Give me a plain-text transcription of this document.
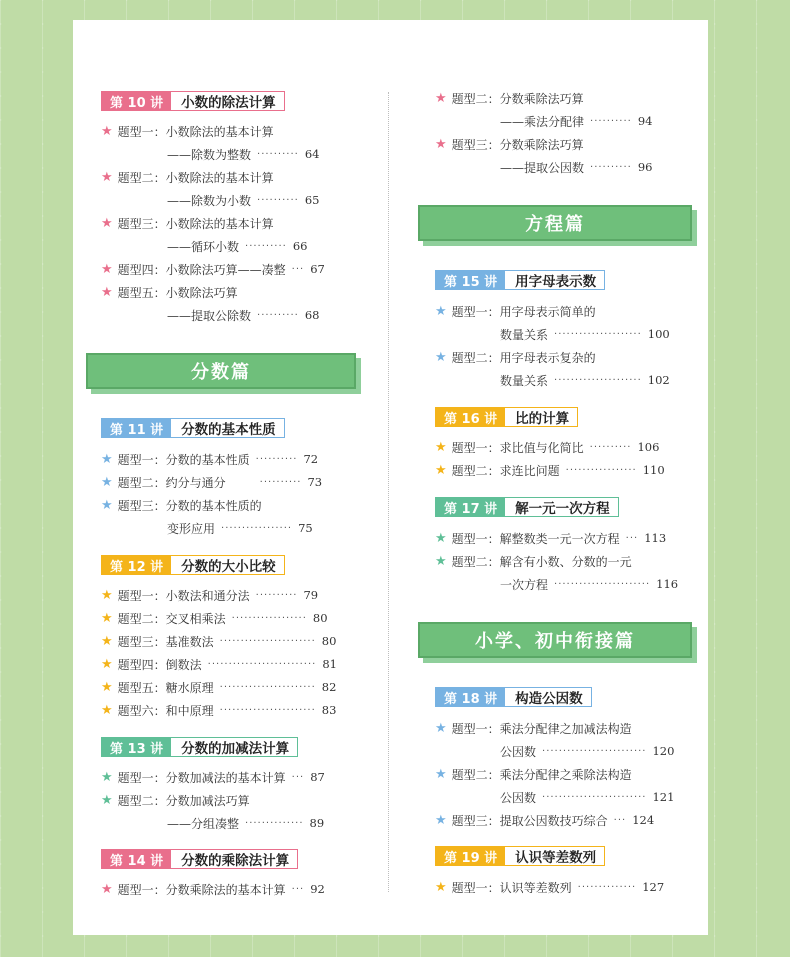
第 10 讲	小数的除法计算
★ 题型一：小数除法的基本计算
——除数为整数 ·········· 64
★ 题型二：小数除法的基本计算
——除数为小数 ·········· 65
★ 题型三：小数除法的基本计算
——循环小数 ·········· 66
★ 题型四：小数除法巧算——凑整 ··· 67
★ 题型五：小数除法巧算
——提取公除数 ·········· 68
分数篇
第 11 讲	分数的基本性质
★ 题型一：分数的基本性质 ·········· 72
★ 题型二：约分与通分	·········· 73
★ 题型三：分数的基本性质的
变形应用 ················· 75
第 12 讲	分数的大小比较
★ 题型一：小数法和通分法 ·········· 79
★ 题型二：交叉相乘法 ·················· 80
★ 题型三：基准数法 ······················· 80
★ 题型四：倒数法 ·························· 81
★ 题型五：糖水原理 ······················· 82
★ 题型六：和中原理 ······················· 83
第 13 讲	分数的加减法计算
★ 题型一：分数加减法的基本计算 ··· 87
★ 题型二：分数加减法巧算
——分组凑整 ·············· 89
第 14 讲	分数的乘除法计算
★ 题型一：分数乘除法的基本计算 ··· 92
★ 题型二：分数乘除法巧算
——乘法分配律 ·········· 94
★ 题型三：分数乘除法巧算
——提取公因数 ·········· 96
方程篇
第 15 讲	用字母表示数
★ 题型一：用字母表示简单的
数量关系 ····················· 100
★ 题型二：用字母表示复杂的
数量关系 ····················· 102
第 16 讲	比的计算
★ 题型一：求比值与化简比 ·········· 106
★ 题型二：求连比问题 ················· 110
第 17 讲	解一元一次方程
★ 题型一：解整数类一元一次方程 ··· 113
★ 题型二：解含有小数、分数的一元
一次方程 ······················· 116
小学、初中衔接篇
第 18 讲	构造公因数
★ 题型一：乘法分配律之加减法构造
公因数 ························· 120
★ 题型二：乘法分配律之乘除法构造
公因数 ························· 121
★ 题型三：提取公因数技巧综合 ··· 124
第 19 讲	认识等差数列
★ 题型一：认识等差数列 ·············· 127
